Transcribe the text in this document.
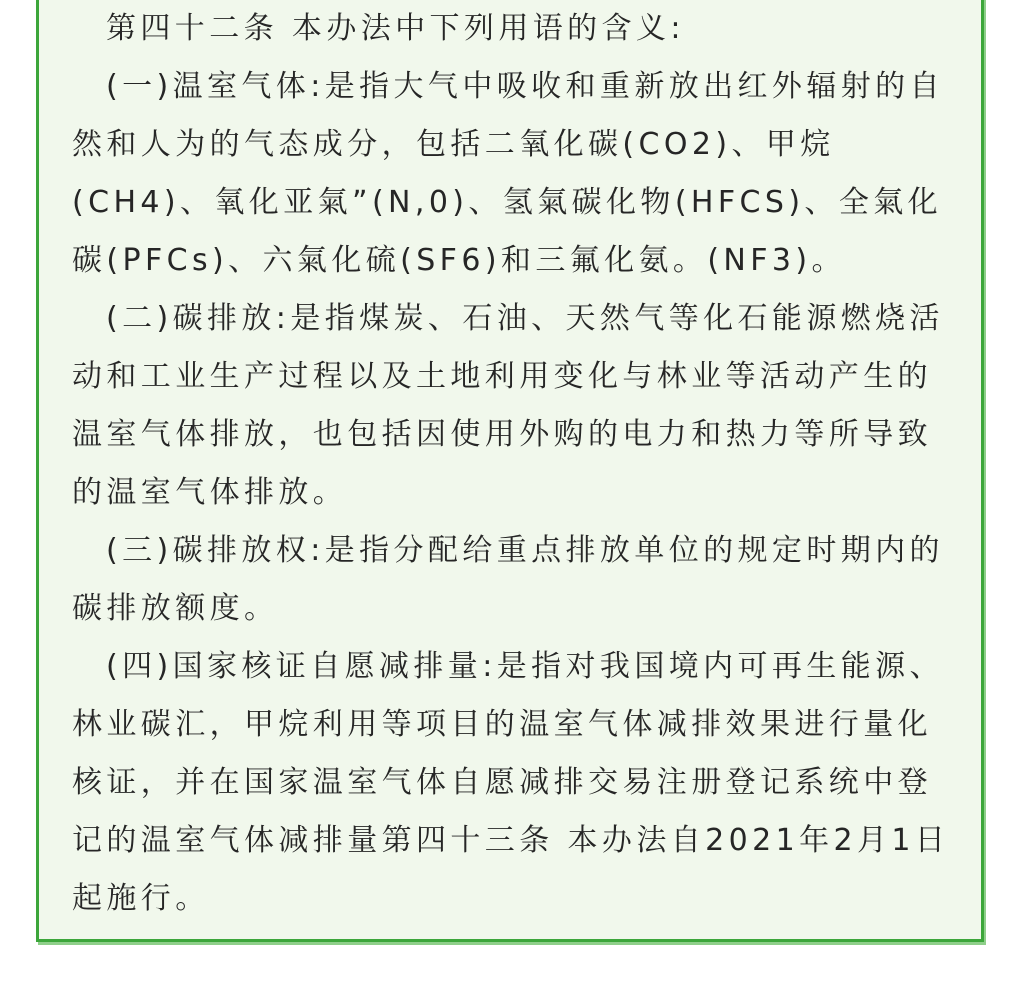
第四十二条 本办法中下列用语的含义:

(一)温室气体:是指大气中吸收和重新放出红外辐射的自然和人为的气态成分，包括二氧化碳(CO2)、甲烷(CH4)、氧化亚氣”(N,0)、氢氣碳化物(HFCS)、全氣化碳(PFCs)、六氣化硫(SF6)和三氟化氨。(NF3)。

(二)碳排放:是指煤炭、石油、天然气等化石能源燃烧活动和工业生产过程以及土地利用变化与林业等活动产生的温室气体排放，也包括因使用外购的电力和热力等所导致的温室气体排放。

(三)碳排放权:是指分配给重点排放单位的规定时期内的碳排放额度。

(四)国家核证自愿减排量:是指对我国境内可再生能源、林业碳汇，甲烷利用等项目的温室气体减排效果进行量化核证，并在国家温室气体自愿减排交易注册登记系统中登记的温室气体减排量第四十三条 本办法自2021年2月1日起施行。
